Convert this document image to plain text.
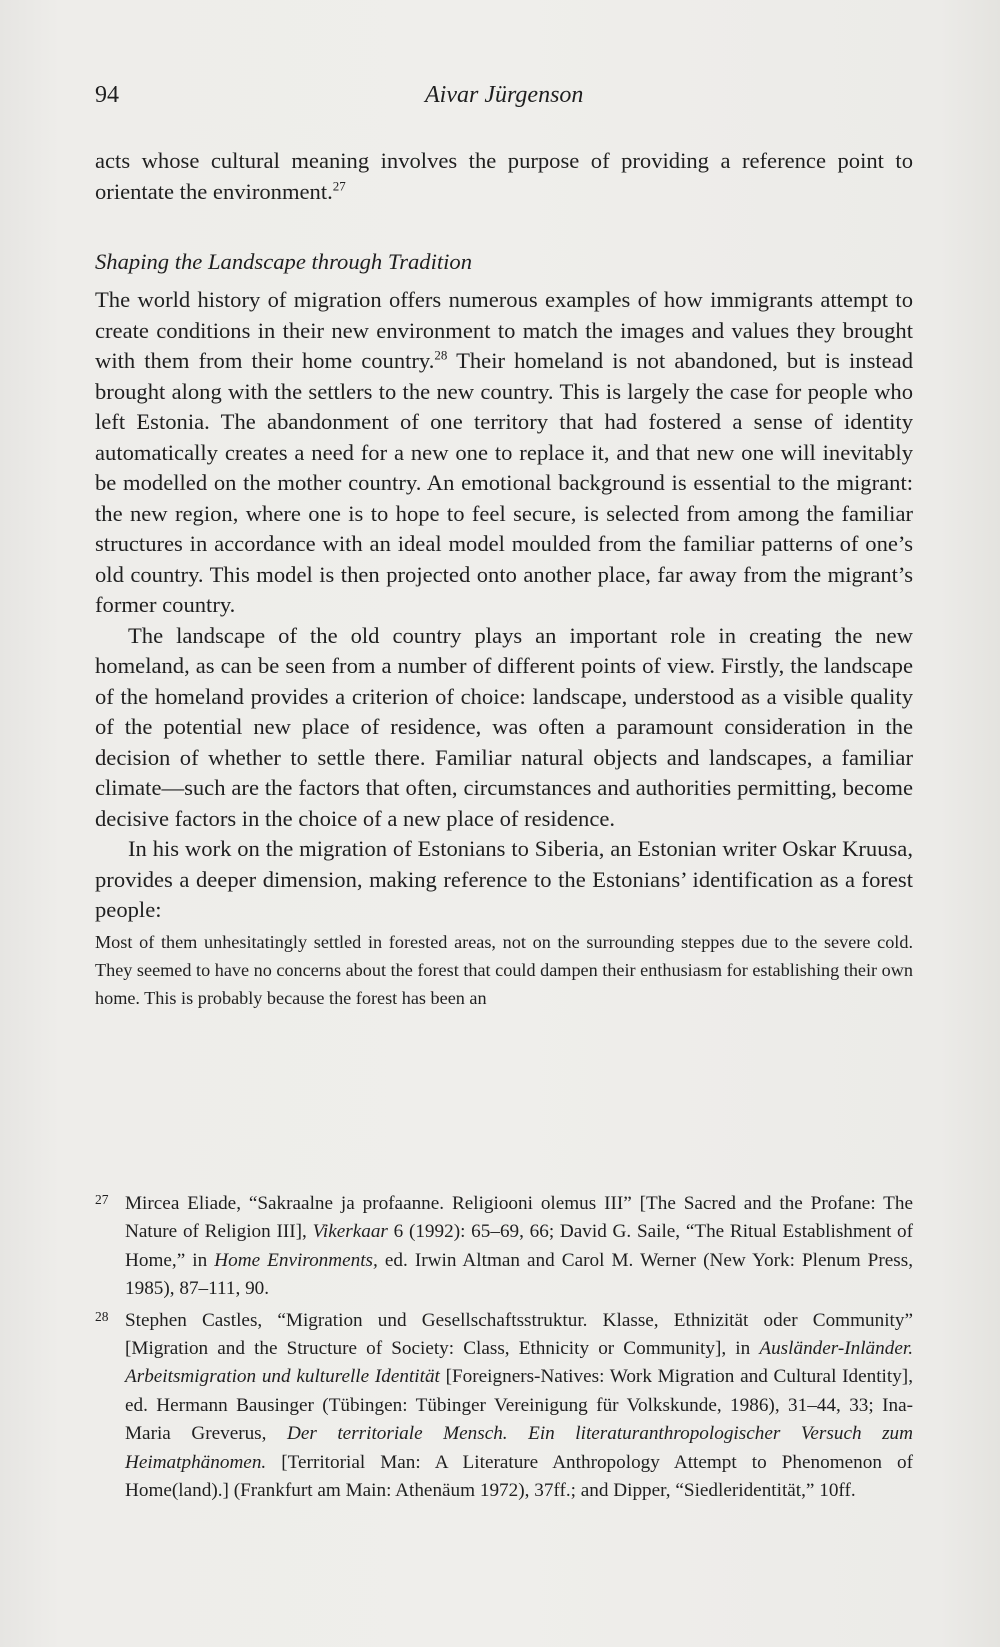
94	Aivar Jürgenson

acts whose cultural meaning involves the purpose of providing a reference point to orientate the environment.$^{27}$

Shaping the Landscape through Tradition

The world history of migration offers numerous examples of how immigrants attempt to create conditions in their new environment to match the images and values they brought with them from their home country.$^{28}$ Their homeland is not abandoned, but is instead brought along with the settlers to the new country. This is largely the case for people who left Estonia. The abandonment of one territory that had fostered a sense of identity automatically creates a need for a new one to replace it, and that new one will inevitably be modelled on the mother country. An emotional background is essential to the migrant: the new region, where one is to hope to feel secure, is selected from among the familiar structures in accordance with an ideal model moulded from the familiar patterns of one’s old country. This model is then projected onto another place, far away from the migrant’s former country.

The landscape of the old country plays an important role in creating the new homeland, as can be seen from a number of different points of view. Firstly, the landscape of the homeland provides a criterion of choice: landscape, understood as a visible quality of the potential new place of residence, was often a paramount consideration in the decision of whether to settle there. Familiar natural objects and landscapes, a familiar climate—such are the factors that often, circumstances and authorities permitting, become decisive factors in the choice of a new place of residence.

In his work on the migration of Estonians to Siberia, an Estonian writer Oskar Kruusa, provides a deeper dimension, making reference to the Estonians’ identification as a forest people:

Most of them unhesitatingly settled in forested areas, not on the surrounding steppes due to the severe cold. They seemed to have no concerns about the forest that could dampen their enthusiasm for establishing their own home. This is probably because the forest has been an

27 Mircea Eliade, “Sakraalne ja profaanne. Religiooni olemus III” [The Sacred and the Profane: The Nature of Religion III], Vikerkaar 6 (1992): 65–69, 66; David G. Saile, “The Ritual Establishment of Home,” in Home Environments, ed. Irwin Altman and Carol M. Werner (New York: Plenum Press, 1985), 87–111, 90.
28 Stephen Castles, “Migration und Gesellschaftsstruktur. Klasse, Ethnizität oder Community” [Migration and the Structure of Society: Class, Ethnicity or Community], in Ausländer-Inländer. Arbeitsmigration und kulturelle Identität [Foreigners-Natives: Work Migration and Cultural Identity], ed. Hermann Bausinger (Tübingen: Tübinger Vereinigung für Volkskunde, 1986), 31–44, 33; Ina-Maria Greverus, Der territoriale Mensch. Ein literaturanthropologischer Versuch zum Heimatphänomen. [Territorial Man: A Literature Anthropology Attempt to Phenomenon of Home(land).] (Frankfurt am Main: Athenäum 1972), 37ff.; and Dipper, “Siedleridentität,” 10ff.
